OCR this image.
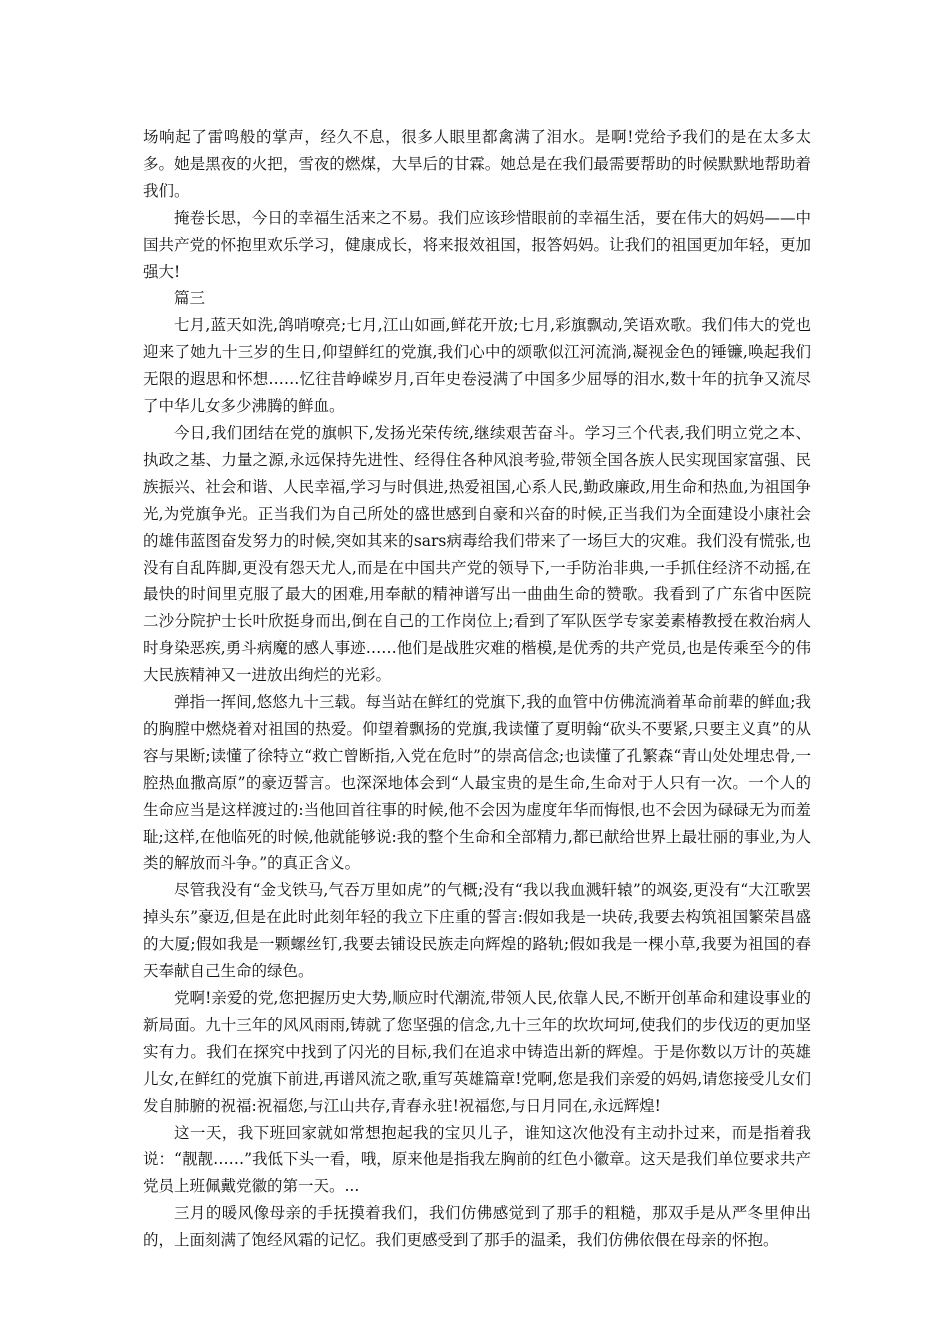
场响起了雷鸣般的掌声，经久不息，很多人眼里都禽满了泪水。是啊!党给予我们的是在太多太多。她是黑夜的火把，雪夜的燃煤，大旱后的甘霖。她总是在我们最需要帮助的时候默默地帮助着我们。

掩卷长思，今日的幸福生活来之不易。我们应该珍惜眼前的幸福生活，要在伟大的妈妈——中国共产党的怀抱里欢乐学习，健康成长，将来报效祖国，报答妈妈。让我们的祖国更加年轻，更加强大!

篇三

七月,蓝天如洗,鸽哨嘹亮;七月,江山如画,鲜花开放;七月,彩旗飘动,笑语欢歌。我们伟大的党也迎来了她九十三岁的生日,仰望鲜红的党旗,我们心中的颂歌似江河流淌,凝视金色的锤镰,唤起我们无限的遐思和怀想……忆往昔峥嵘岁月,百年史卷浸满了中国多少屈辱的泪水,数十年的抗争又流尽了中华儿女多少沸腾的鲜血。

今日,我们团结在党的旗帜下,发扬光荣传统,继续艰苦奋斗。学习三个代表,我们明立党之本、执政之基、力量之源,永远保持先进性、经得住各种风浪考验,带领全国各族人民实现国家富强、民族振兴、社会和谐、人民幸福,学习与时俱进,热爱祖国,心系人民,勤政廉政,用生命和热血,为祖国争光,为党旗争光。正当我们为自己所处的盛世感到自豪和兴奋的时候,正当我们为全面建设小康社会的雄伟蓝图奋发努力的时候,突如其来的sars病毒给我们带来了一场巨大的灾难。我们没有慌张,也没有自乱阵脚,更没有怨天尤人,而是在中国共产党的领导下,一手防治非典,一手抓住经济不动摇,在最快的时间里克服了最大的困难,用奉献的精神谱写出一曲曲生命的赞歌。我看到了广东省中医院二沙分院护士长叶欣挺身而出,倒在自己的工作岗位上;看到了军队医学专家姜素椿教授在救治病人时身染恶疾,勇斗病魔的感人事迹……他们是战胜灾难的楷模,是优秀的共产党员,也是传乘至今的伟大民族精神又一进放出绚烂的光彩。

弹指一挥间,悠悠九十三载。每当站在鲜红的党旗下,我的血管中仿佛流淌着革命前辈的鲜血;我的胸膛中燃烧着对祖国的热爱。仰望着飘扬的党旗,我读懂了夏明翰“砍头不要紧,只要主义真”的从容与果断;读懂了徐特立“救亡曾断指,入党在危时”的崇高信念;也读懂了孔繁森“青山处处埋忠骨,一腔热血撒高原”的豪迈誓言。也深深地体会到“人最宝贵的是生命,生命对于人只有一次。一个人的生命应当是这样渡过的:当他回首往事的时候,他不会因为虚度年华而悔恨,也不会因为碌碌无为而羞耻;这样,在他临死的时候,他就能够说:我的整个生命和全部精力,都已献给世界上最壮丽的事业,为人类的解放而斗争。”的真正含义。

尽管我没有“金戈铁马,气吞万里如虎”的气概;没有“我以我血溅轩辕”的飒姿,更没有“大江歌罢掉头东”豪迈,但是在此时此刻年轻的我立下庄重的誓言:假如我是一块砖,我要去构筑祖国繁荣昌盛的大厦;假如我是一颗螺丝钉,我要去铺设民族走向辉煌的路轨;假如我是一棵小草,我要为祖国的春天奉献自己生命的绿色。

党啊!亲爱的党,您把握历史大势,顺应时代潮流,带领人民,依靠人民,不断开创革命和建设事业的新局面。九十三年的风风雨雨,铸就了您坚强的信念,九十三年的坎坎坷坷,使我们的步伐迈的更加坚实有力。我们在探究中找到了闪光的目标,我们在追求中铸造出新的辉煌。于是你数以万计的英雄儿女,在鲜红的党旗下前进,再谱风流之歌,重写英雄篇章!党啊,您是我们亲爱的妈妈,请您接受儿女们发自肺腑的祝福:祝福您,与江山共存,青春永驻!祝福您,与日月同在,永远辉煌!

这一天，我下班回家就如常想抱起我的宝贝儿子，谁知这次他没有主动扑过来，而是指着我说：“靓靓……”我低下头一看，哦，原来他是指我左胸前的红色小徽章。这天是我们单位要求共产党员上班佩戴党徽的第一天。...

三月的暖风像母亲的手抚摸着我们，我们仿佛感觉到了那手的粗糙，那双手是从严冬里伸出的，上面刻满了饱经风霜的记忆。我们更感受到了那手的温柔，我们仿佛依偎在母亲的怀抱。
